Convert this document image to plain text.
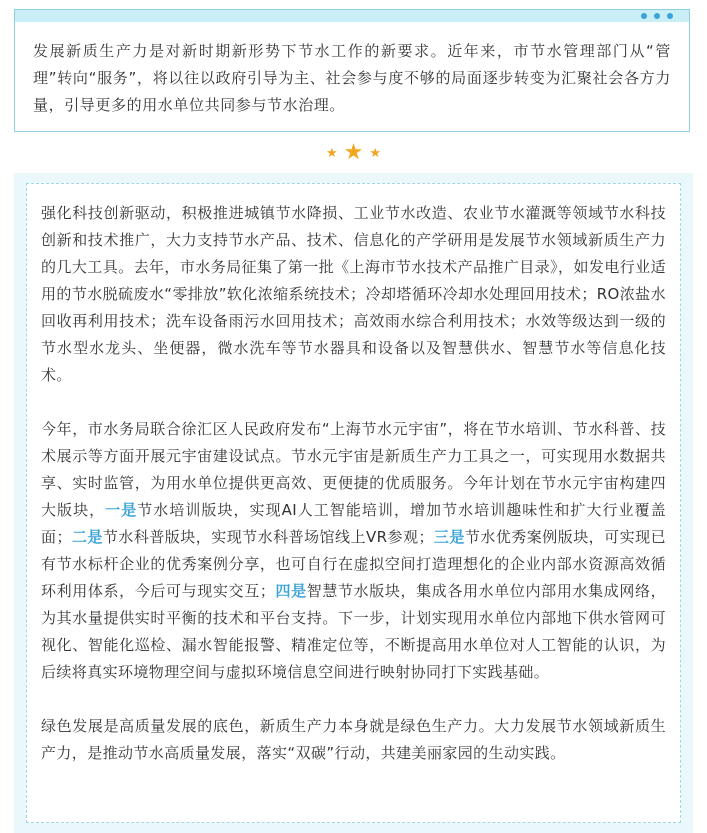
发展新质生产力是对新时期新形势下节水工作的新要求。近年来，市节水管理部门从“管理”转向“服务”，将以往以政府引导为主、社会参与度不够的局面逐步转变为汇聚社会各方力量，引导更多的用水单位共同参与节水治理。

★ ★ ★

强化科技创新驱动，积极推进城镇节水降损、工业节水改造、农业节水灌溉等领域节水科技创新和技术推广，大力支持节水产品、技术、信息化的产学研用是发展节水领域新质生产力的几大工具。去年，市水务局征集了第一批《上海市节水技术产品推广目录》，如发电行业适用的节水脱硫废水“零排放”软化浓缩系统技术；冷却塔循环冷却水处理回用技术；RO浓盐水回收再利用技术；洗车设备雨污水回用技术；高效雨水综合利用技术；水效等级达到一级的节水型水龙头、坐便器，微水洗车等节水器具和设备以及智慧供水、智慧节水等信息化技术。

今年，市水务局联合徐汇区人民政府发布“上海节水元宇宙”，将在节水培训、节水科普、技术展示等方面开展元宇宙建设试点。节水元宇宙是新质生产力工具之一，可实现用水数据共享、实时监管，为用水单位提供更高效、更便捷的优质服务。今年计划在节水元宇宙构建四大版块，一是节水培训版块，实现AI人工智能培训，增加节水培训趣味性和扩大行业覆盖面；二是节水科普版块，实现节水科普场馆线上VR参观；三是节水优秀案例版块，可实现已有节水标杆企业的优秀案例分享，也可自行在虚拟空间打造理想化的企业内部水资源高效循环利用体系，今后可与现实交互；四是智慧节水版块，集成各用水单位内部用水集成网络，为其水量提供实时平衡的技术和平台支持。下一步，计划实现用水单位内部地下供水管网可视化、智能化巡检、漏水智能报警、精准定位等，不断提高用水单位对人工智能的认识，为后续将真实环境物理空间与虚拟环境信息空间进行映射协同打下实践基础。

绿色发展是高质量发展的底色，新质生产力本身就是绿色生产力。大力发展节水领域新质生产力，是推动节水高质量发展，落实“双碳”行动，共建美丽家园的生动实践。
